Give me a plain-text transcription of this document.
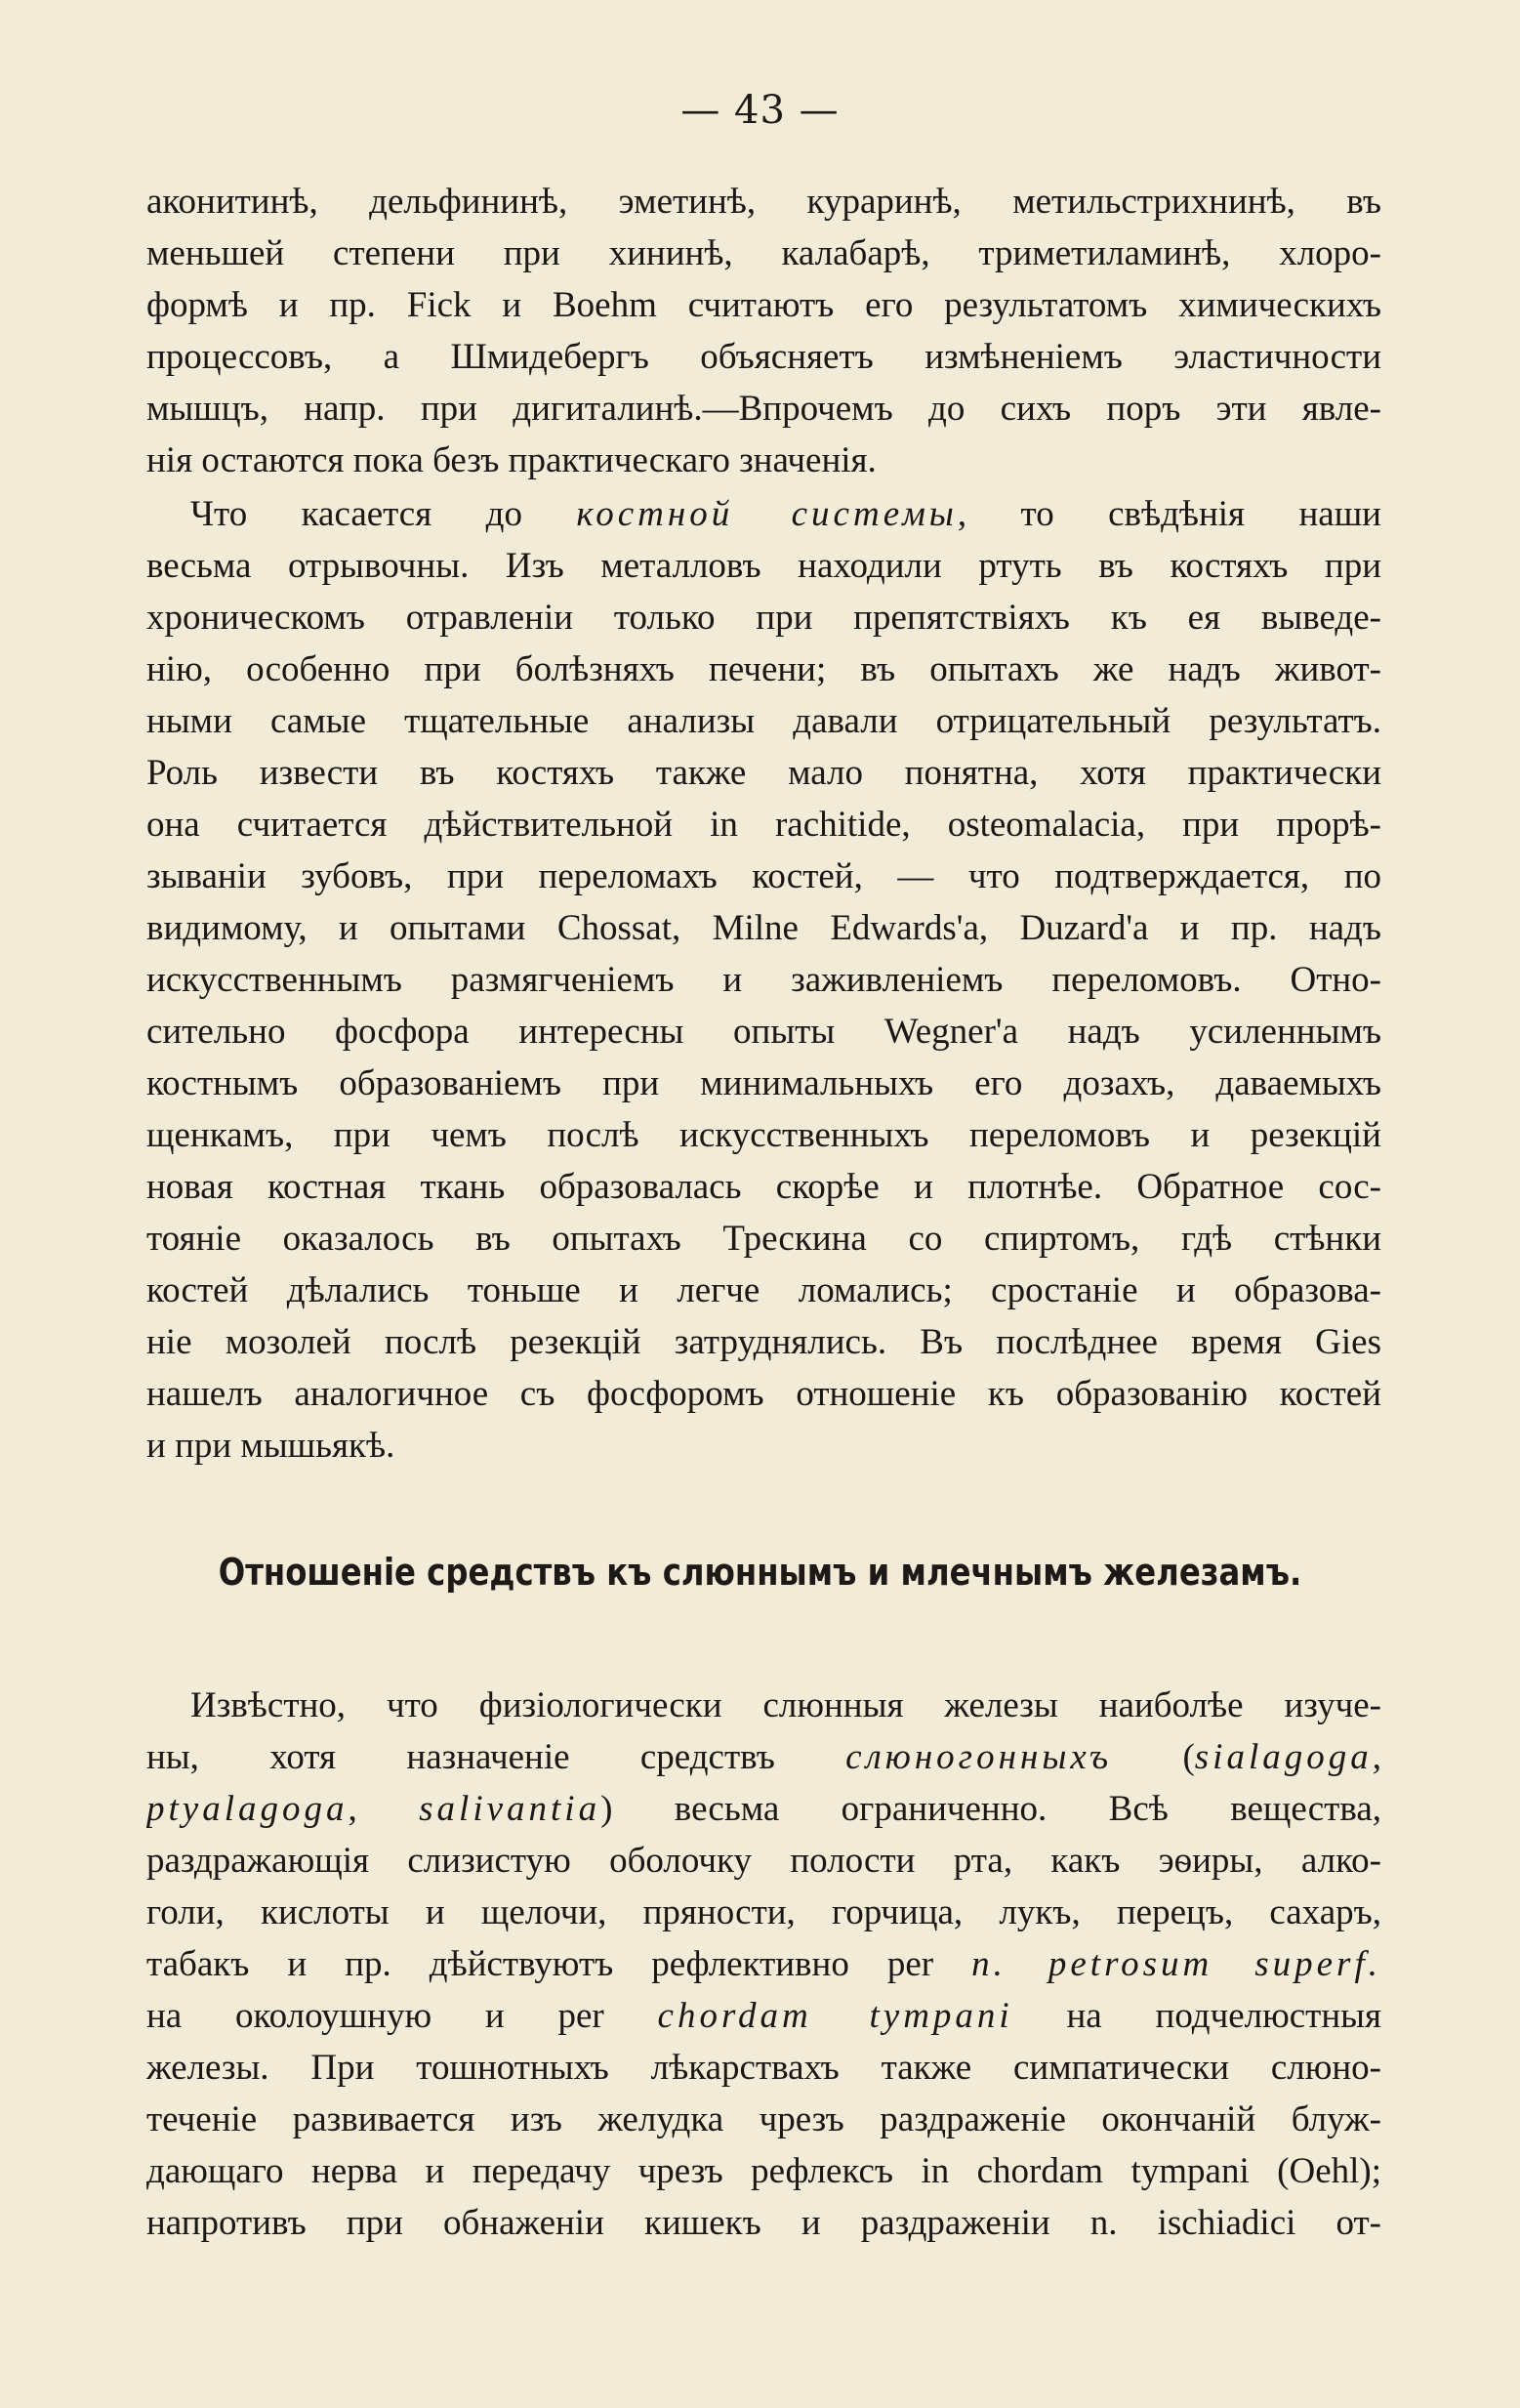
— 43 —
аконитинѣ, дельфининѣ, эметинѣ, кураринѣ, метильстрихнинѣ, въ
меньшей степени при хининѣ, калабарѣ, триметиламинѣ, хлоро-
формѣ и пр. Fick и Boehm считаютъ его результатомъ химическихъ
процессовъ, а Шмидебергъ объясняетъ измѣненіемъ эластичности
мышцъ, напр. при дигиталинѣ.—Впрочемъ до сихъ поръ эти явле-
нія остаются пока безъ практическаго значенія.
Что касается до костной системы, то свѣдѣнія наши
весьма отрывочны. Изъ металловъ находили ртуть въ костяхъ при
хроническомъ отравленіи только при препятствіяхъ къ ея выведе-
нію, особенно при болѣзняхъ печени; въ опытахъ же надъ живот-
ными самые тщательные анализы давали отрицательный результатъ.
Роль извести въ костяхъ также мало понятна, хотя практически
она считается дѣйствительной in rachitide, osteomalacia, при прорѣ-
зываніи зубовъ, при переломахъ костей, — что подтверждается, по
видимому, и опытами Chossat, Milne Edwards'а, Duzard'а и пр. надъ
искусственнымъ размягченіемъ и заживленіемъ переломовъ. Отно-
сительно фосфора интересны опыты Wegner'а надъ усиленнымъ
костнымъ образованіемъ при минимальныхъ его дозахъ, даваемыхъ
щенкамъ, при чемъ послѣ искусственныхъ переломовъ и резекцій
новая костная ткань образовалась скорѣе и плотнѣе. Обратное сос-
тояніе оказалось въ опытахъ Трескина со спиртомъ, гдѣ стѣнки
костей дѣлались тоньше и легче ломались; сростаніе и образова-
ніе мозолей послѣ резекцій затруднялись. Въ послѣднее время Gies
нашелъ аналогичное съ фосфоромъ отношеніе къ образованію костей
и при мышьякѣ.
Отношеніе средствъ къ слюннымъ и млечнымъ железамъ.
Извѣстно, что физіологически слюнныя железы наиболѣе изуче-
ны, хотя назначеніе средствъ слюногонныхъ (sialagoga,
ptyalagoga, salivantia) весьма ограниченно. Всѣ вещества,
раздражающія слизистую оболочку полости рта, какъ эѳиры, алко-
голи, кислоты и щелочи, пряности, горчица, лукъ, перецъ, сахаръ,
табакъ и пр. дѣйствуютъ рефлективно per n. petrosum superf.
на околоушную и per chordam tympani на подчелюстныя
железы. При тошнотныхъ лѣкарствахъ также симпатически слюно-
теченіе развивается изъ желудка чрезъ раздраженіе окончаній блуж-
дающаго нерва и передачу чрезъ рефлексъ in chordam tympani (Oehl);
напротивъ при обнаженіи кишекъ и раздраженіи n. ischiadici от-
